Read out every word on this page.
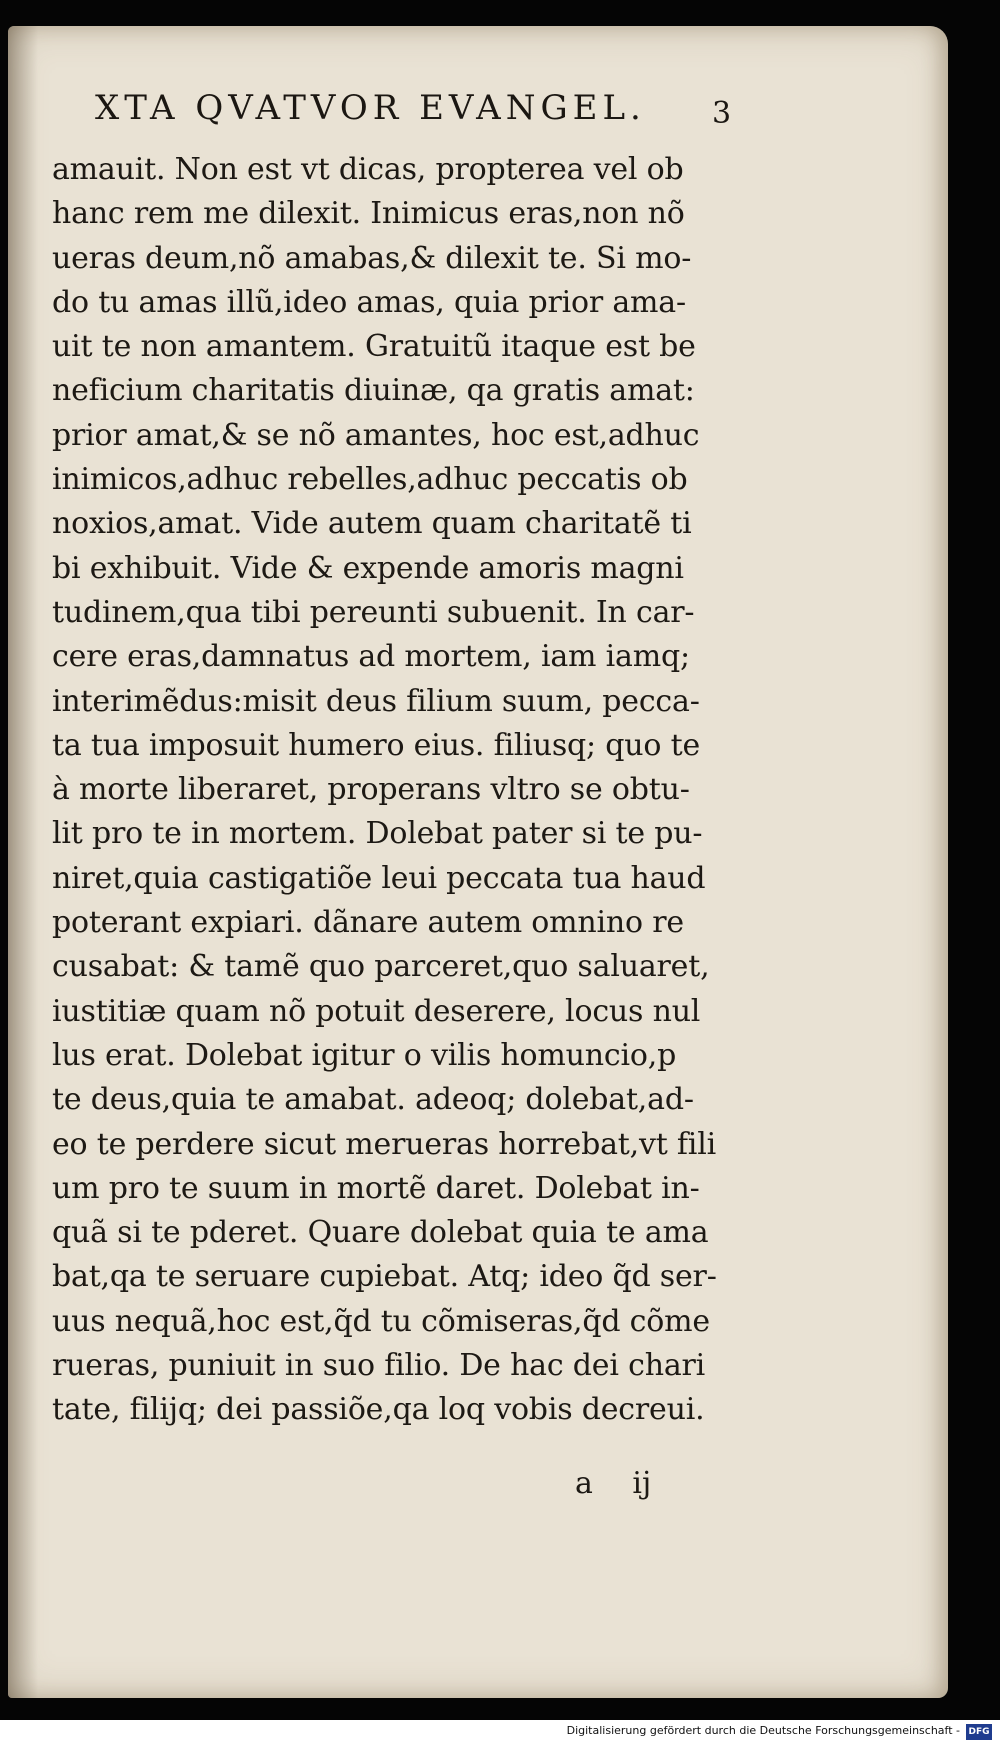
XTA QVATVOR EVANGEL.	3
amauit. Non est vt dicas, propterea vel ob
hanc rem me dilexit. Inimicus eras,non nõ
ueras deum,nõ amabas,& dilexit te. Si mo-
do tu amas illũ,ideo amas, quia prior ama-
uit te non amantem. Gratuitũ itaque est be
neficium charitatis diuinæ, qa gratis amat:
prior amat,& se nõ amantes, hoc est,adhuc
inimicos,adhuc rebelles,adhuc peccatis ob
noxios,amat. Vide autem quam charitatẽ ti
bi exhibuit. Vide & expende amoris magni
tudinem,qua tibi pereunti subuenit. In car-
cere eras,damnatus ad mortem, iam iamq;
interimẽdus:misit deus filium suum, pecca-
ta tua imposuit humero eius. filiusq; quo te
à morte liberaret, properans vltro se obtu-
lit pro te in mortem. Dolebat pater si te pu-
niret,quia castigatiõe leui peccata tua haud
poterant expiari. dãnare autem omnino re
cusabat: & tamẽ quo parceret,quo saluaret,
iustitiæ quam nõ potuit deserere, locus nul
lus erat. Dolebat igitur o vilis homuncio,p
te deus,quia te amabat. adeoq; dolebat,ad-
eo te perdere sicut merueras horrebat,vt fili
um pro te suum in mortẽ daret. Dolebat in-
quã si te pderet. Quare dolebat quia te ama
bat,qa te seruare cupiebat. Atq; ideo q̃d ser-
uus nequã,hoc est,q̃d tu cõmiseras,q̃d cõme
rueras, puniuit in suo filio. De hac dei chari
tate, filijq; dei passiõe,qa loq vobis decreui.
a ij
Digitalisierung gefördert durch die Deutsche Forschungsgemeinschaft - DFG
